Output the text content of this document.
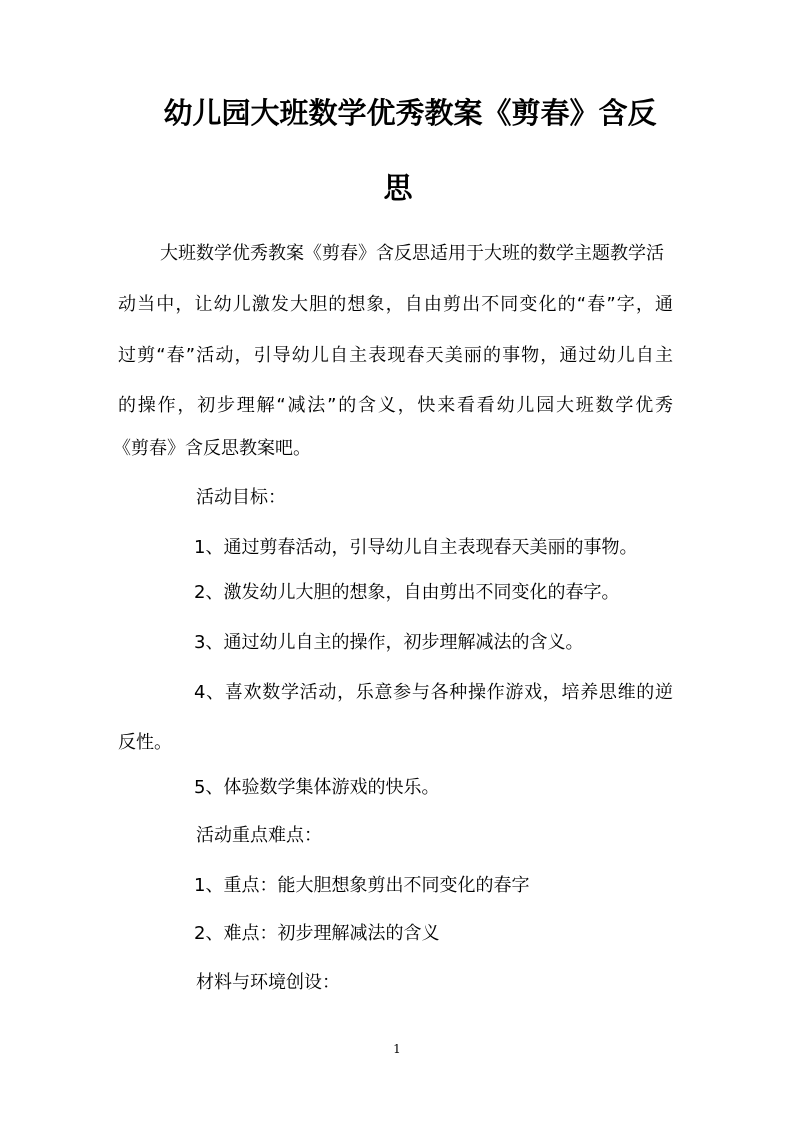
幼儿园大班数学优秀教案《剪春》含反
思

大班数学优秀教案《剪春》含反思适用于大班的数学主题教学活

动当中，让幼儿激发大胆的想象，自由剪出不同变化的“春”字，通

过剪“春”活动，引导幼儿自主表现春天美丽的事物，通过幼儿自主

的操作，初步理解“减法”的含义，快来看看幼儿园大班数学优秀

《剪春》含反思教案吧。

活动目标：

1、通过剪春活动，引导幼儿自主表现春天美丽的事物。

2、激发幼儿大胆的想象，自由剪出不同变化的春字。

3、通过幼儿自主的操作，初步理解减法的含义。

4、喜欢数学活动，乐意参与各种操作游戏，培养思维的逆

反性。

5、体验数学集体游戏的快乐。

活动重点难点：

1、重点：能大胆想象剪出不同变化的春字

2、难点：初步理解减法的含义

材料与环境创设：

1
